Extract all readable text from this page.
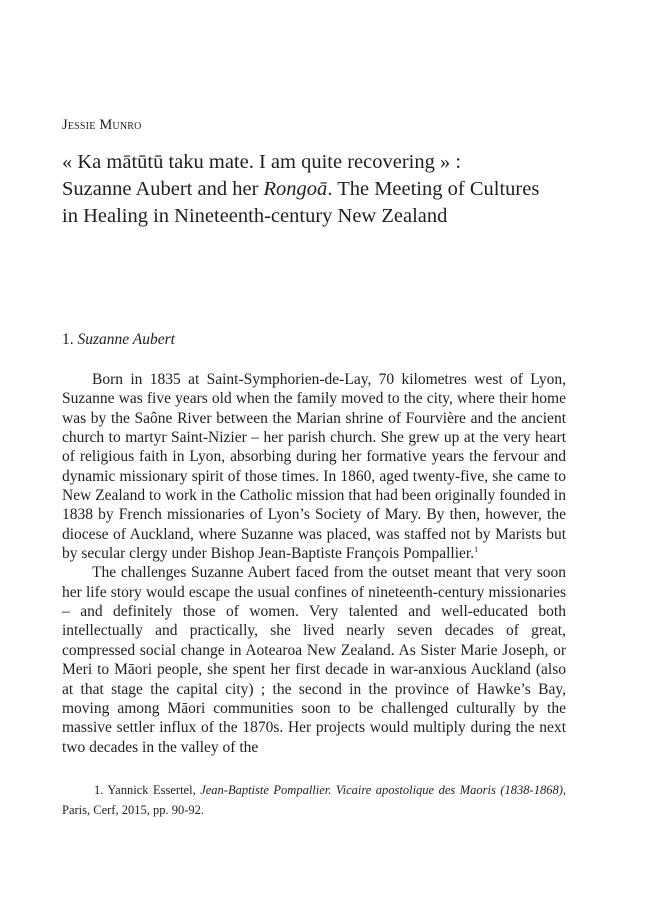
Jessie Munro
« Ka mātūtū taku mate. I am quite recovering » :
Suzanne Aubert and her Rongoā. The Meeting of Cultures
in Healing in Nineteenth-century New Zealand
1. Suzanne Aubert

Born in 1835 at Saint-Symphorien-de-Lay, 70 kilometres west of Lyon, Suzanne was five years old when the family moved to the city, where their home was by the Saône River between the Marian shrine of Fourvière and the ancient church to martyr Saint-Nizier – her parish church. She grew up at the very heart of religious faith in Lyon, absorbing during her formative years the fervour and dynamic missionary spirit of those times. In 1860, aged twenty-five, she came to New Zealand to work in the Catholic mission that had been originally founded in 1838 by French missionaries of Lyon’s Society of Mary. By then, however, the diocese of Auckland, where Suzanne was placed, was staffed not by Marists but by secular clergy under Bishop Jean-Baptiste François Pompallier.$^1$

The challenges Suzanne Aubert faced from the outset meant that very soon her life story would escape the usual confines of nineteenth-century missionaries – and definitely those of women. Very talented and well-educated both intellectually and practically, she lived nearly seven decades of great, compressed social change in Aotearoa New Zealand. As Sister Marie Joseph, or Meri to Māori people, she spent her first decade in war-anxious Auckland (also at that stage the capital city) ; the second in the province of Hawke’s Bay, moving among Māori communities soon to be challenged culturally by the massive settler influx of the 1870s. Her projects would multiply during the next two decades in the valley of the

1. Yannick Essertel, Jean-Baptiste Pompallier. Vicaire apostolique des Maoris (1838-1868), Paris, Cerf, 2015, pp. 90-92.
